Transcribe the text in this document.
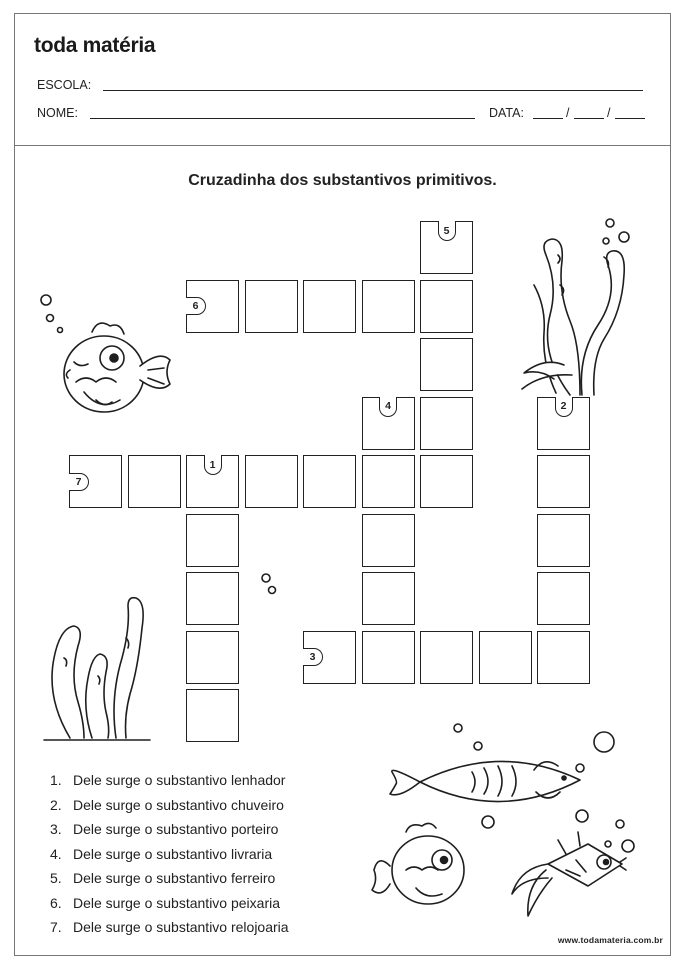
toda matéria
ESCOLA:
NOME:	DATA:	/	/
Cruzadinha dos substantivos primitivos.
5
6
4	2
7
1
3
1. Dele surge o substantivo lenhador
2. Dele surge o substantivo chuveiro
3. Dele surge o substantivo porteiro
4. Dele surge o substantivo livraria
5. Dele surge o substantivo ferreiro
6. Dele surge o substantivo peixaria
7. Dele surge o substantivo relojoaria
www.todamateria.com.br
